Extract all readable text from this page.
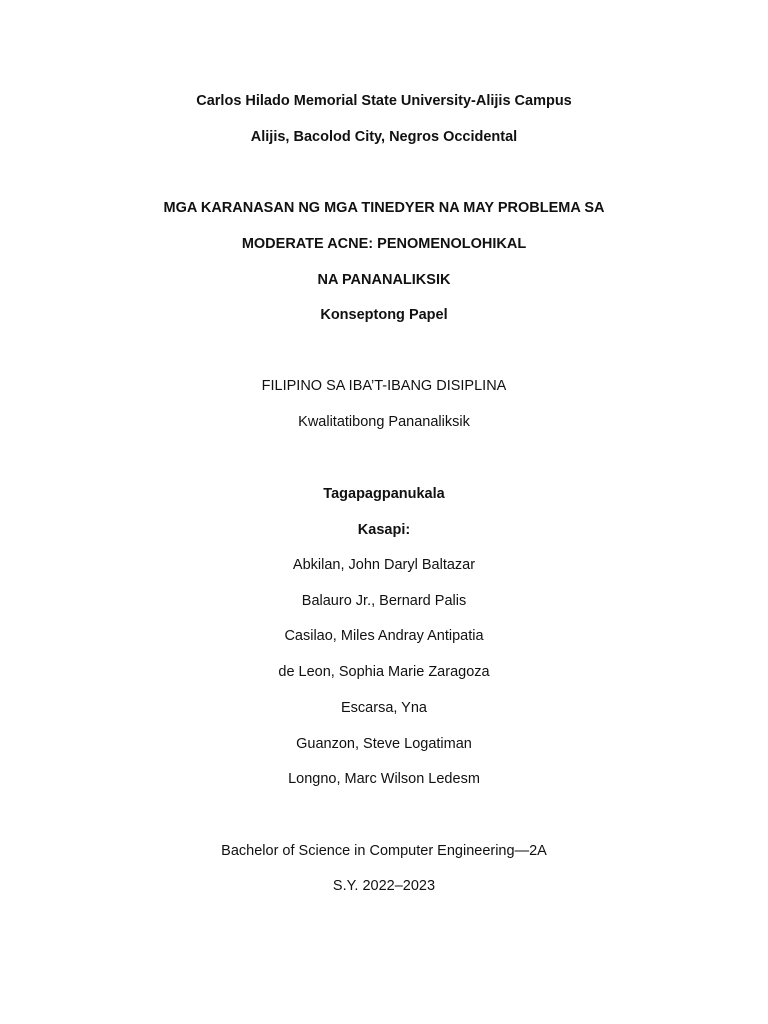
Carlos Hilado Memorial State University-Alijis Campus
Alijis, Bacolod City, Negros Occidental
MGA KARANASAN NG MGA TINEDYER NA MAY PROBLEMA SA
MODERATE ACNE: PENOMENOLOHIKAL
NA PANANALIKSIK
Konseptong Papel
FILIPINO SA IBA’T-IBANG DISIPLINA
Kwalitatibong Pananaliksik
Tagapagpanukala
Kasapi:
Abkilan, John Daryl Baltazar
Balauro Jr., Bernard Palis
Casilao, Miles Andray Antipatia
de Leon, Sophia Marie Zaragoza
Escarsa, Yna
Guanzon, Steve Logatiman
Longno, Marc Wilson Ledesm
Bachelor of Science in Computer Engineering—2A
S.Y. 2022–2023
